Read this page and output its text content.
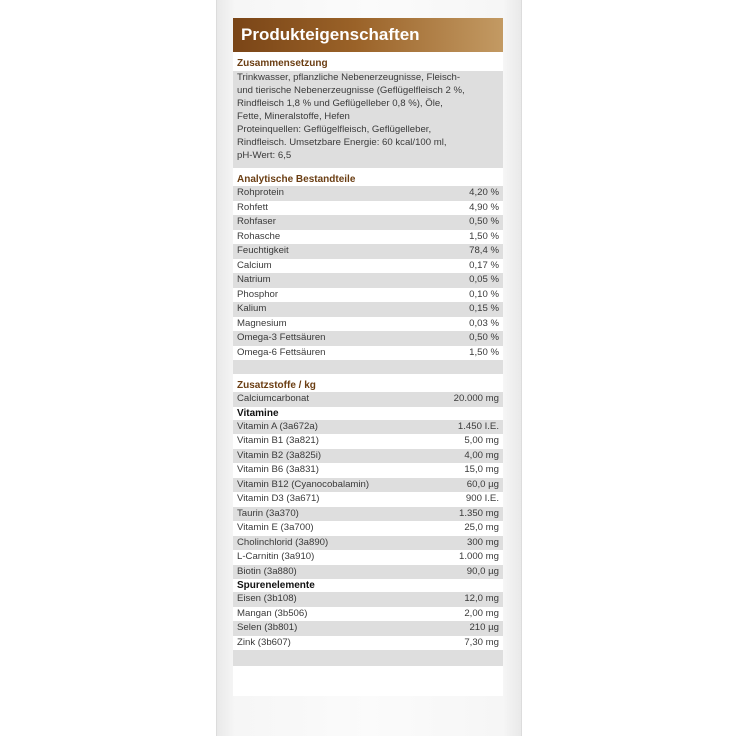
Produkteigenschaften
Zusammensetzung
Trinkwasser, pflanzliche Nebenerzeugnisse, Fleisch-
und tierische Nebenerzeugnisse (Geflügelfleisch 2 %,
Rindfleisch 1,8 % und Geflügelleber 0,8 %), Öle,
Fette, Mineralstoffe, Hefen
Proteinquellen: Geflügelfleisch, Geflügelleber,
Rindfleisch. Umsetzbare Energie: 60 kcal/100 ml,
pH-Wert: 6,5
Analytische Bestandteile
Rohprotein	4,20 %
Rohfett	4,90 %
Rohfaser	0,50 %
Rohasche	1,50 %
Feuchtigkeit	78,4 %
Calcium	0,17 %
Natrium	0,05 %
Phosphor	0,10 %
Kalium	0,15 %
Magnesium	0,03 %
Omega-3 Fettsäuren	0,50 %
Omega-6 Fettsäuren	1,50 %
Zusatzstoffe / kg
Calciumcarbonat	20.000 mg
Vitamine
Vitamin A (3a672a)	1.450 I.E.
Vitamin B1 (3a821)	5,00 mg
Vitamin B2 (3a825i)	4,00 mg
Vitamin B6 (3a831)	15,0 mg
Vitamin B12 (Cyanocobalamin)	60,0 µg
Vitamin D3 (3a671)	900 I.E.
Taurin (3a370)	1.350 mg
Vitamin E (3a700)	25,0 mg
Cholinchlorid (3a890)	300 mg
L-Carnitin (3a910)	1.000 mg
Biotin (3a880)	90,0 µg
Spurenelemente
Eisen (3b108)	12,0 mg
Mangan (3b506)	2,00 mg
Selen (3b801)	210 µg
Zink (3b607)	7,30 mg
